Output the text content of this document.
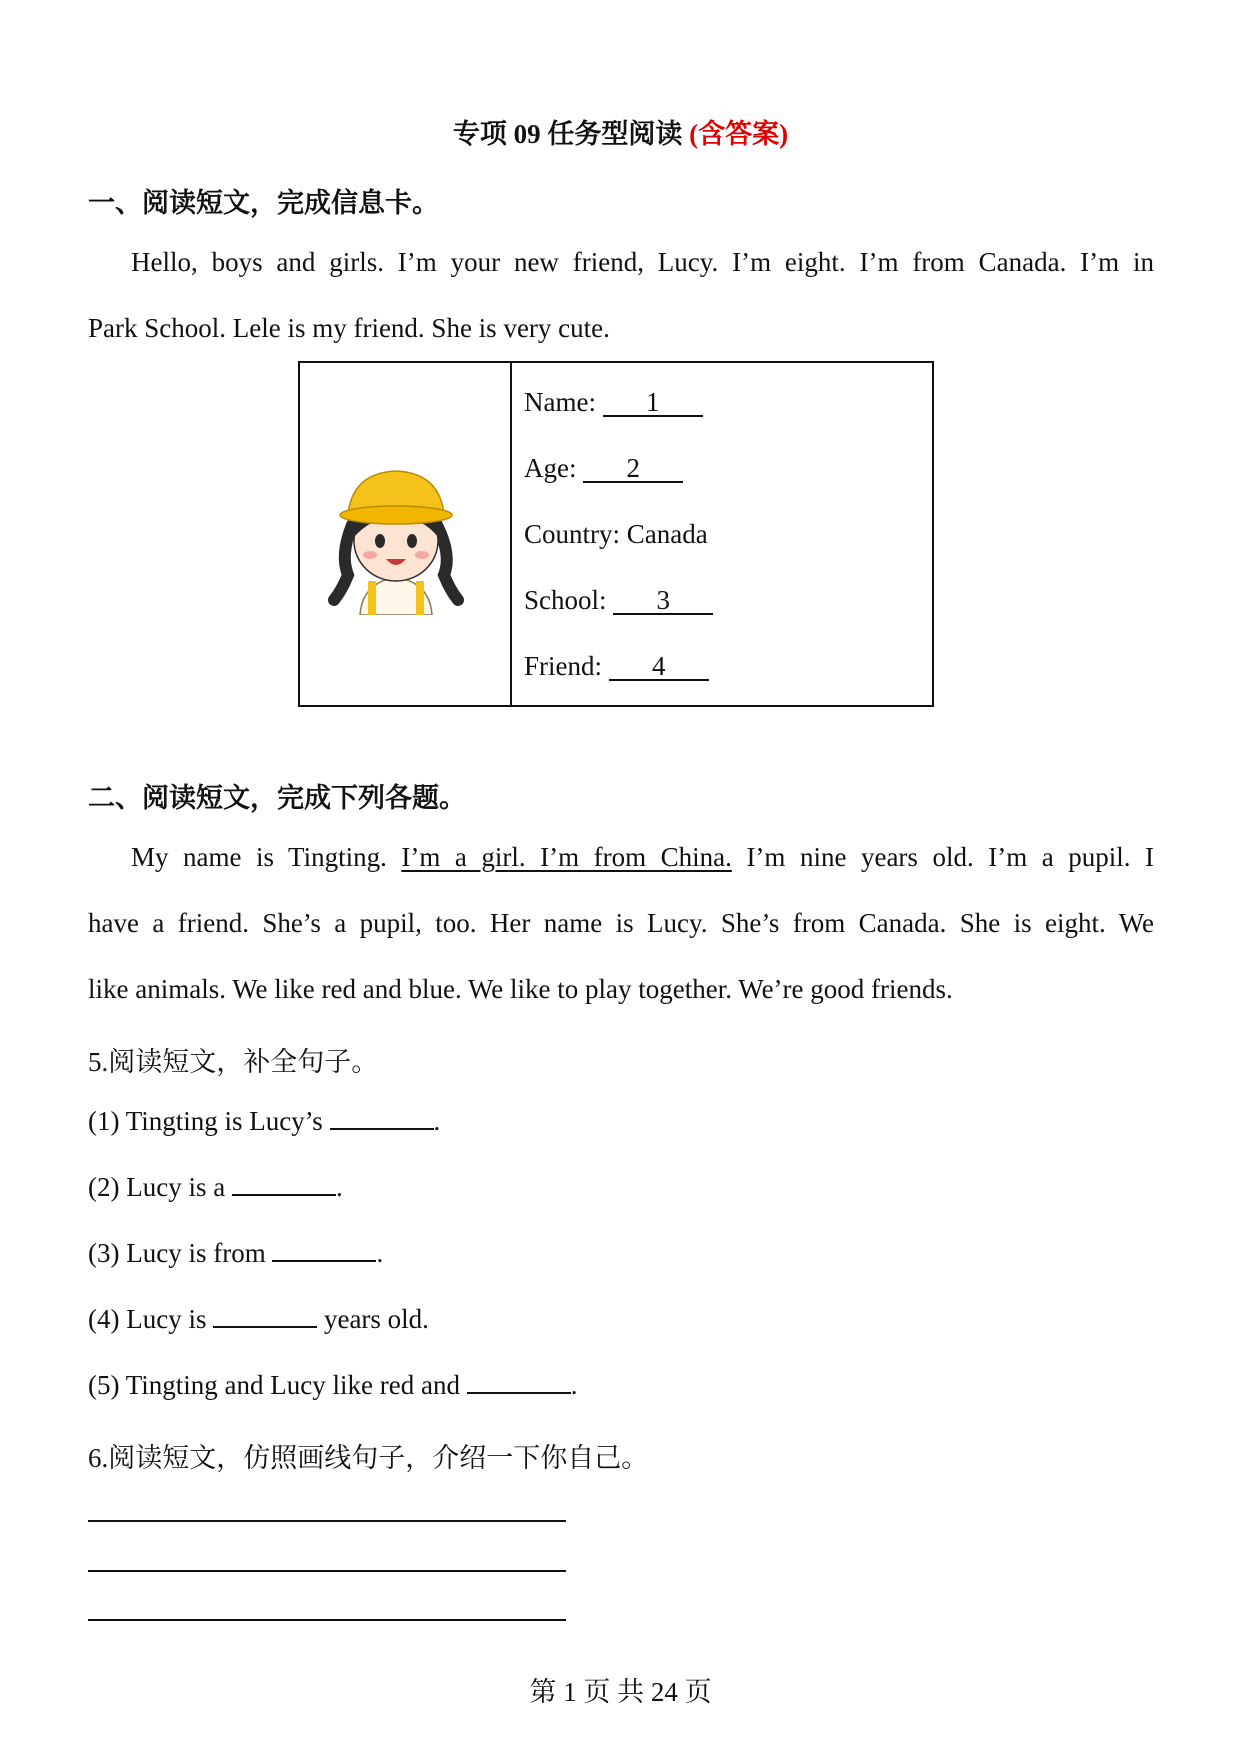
专项 09 任务型阅读 (含答案)
一、阅读短文，完成信息卡。
Hello, boys and girls. I’m your new friend, Lucy. I’m eight. I’m from Canada. I’m in
Park School. Lele is my friend. She is very cute.
Name: 1
Age: 2
Country: Canada
School: 3
Friend: 4
二、阅读短文，完成下列各题。
My name is Tingting. I’m a girl. I’m from China. I’m nine years old. I’m a pupil. I
have a friend. She’s a pupil, too. Her name is Lucy. She’s from Canada. She is eight. We
like animals. We like red and blue. We like to play together. We’re good friends.
5.阅读短文，补全句子。
(1) Tingting is Lucy’s	.
(2) Lucy is a	.
(3) Lucy is from	.
(4) Lucy is	years old.
(5) Tingting and Lucy like red and	.
6.阅读短文，仿照画线句子，介绍一下你自己。
第 1 页 共 24 页
